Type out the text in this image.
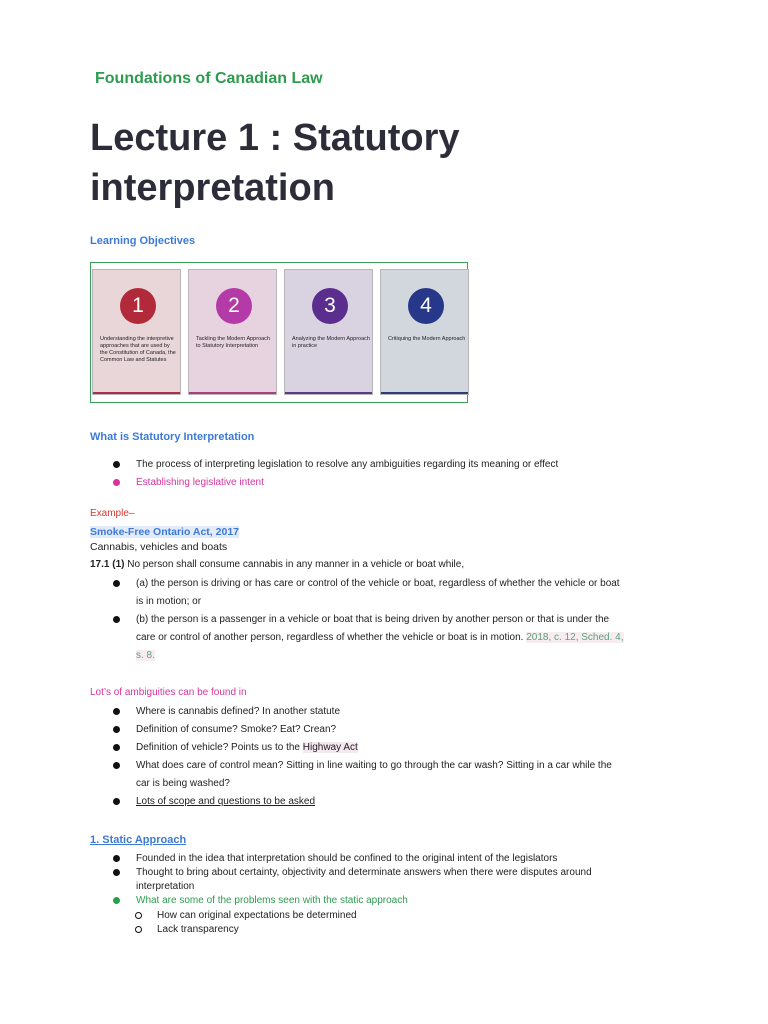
Foundations of Canadian Law
Lecture 1 : Statutory interpretation
Learning Objectives
1
Understanding the interpretive approaches that are used by the Constitution of Canada, the Common Law and Statutes
2
Tackling the Modern Approach to Statutory Interpretation
3
Analyzing the Modern Approach in practice
4
Critiquing the Modern Approach
What is Statutory Interpretation
The process of interpreting legislation to resolve any ambiguities regarding its meaning or effect
Establishing legislative intent
Example–
Smoke-Free Ontario Act, 2017
Cannabis, vehicles and boats
17.1 (1) No person shall consume cannabis in any manner in a vehicle or boat while,
(a) the person is driving or has care or control of the vehicle or boat, regardless of whether the vehicle or boat
is in motion; or
(b) the person is a passenger in a vehicle or boat that is being driven by another person or that is under the
care or control of another person, regardless of whether the vehicle or boat is in motion. 2018, c. 12, Sched. 4,
s. 8.
Lot’s of ambiguities can be found in
Where is cannabis defined? In another statute
Definition of consume? Smoke? Eat? Crean?
Definition of vehicle? Points us to the Highway Act
What does care of control mean? Sitting in line waiting to go through the car wash? Sitting in a car while the
car is being washed?
Lots of scope and questions to be asked
1. Static Approach
Founded in the idea that interpretation should be confined to the original intent of the legislators
Thought to bring about certainty, objectivity and determinate answers when there were disputes around
interpretation
What are some of the problems seen with the static approach
How can original expectations be determined
Lack transparency
